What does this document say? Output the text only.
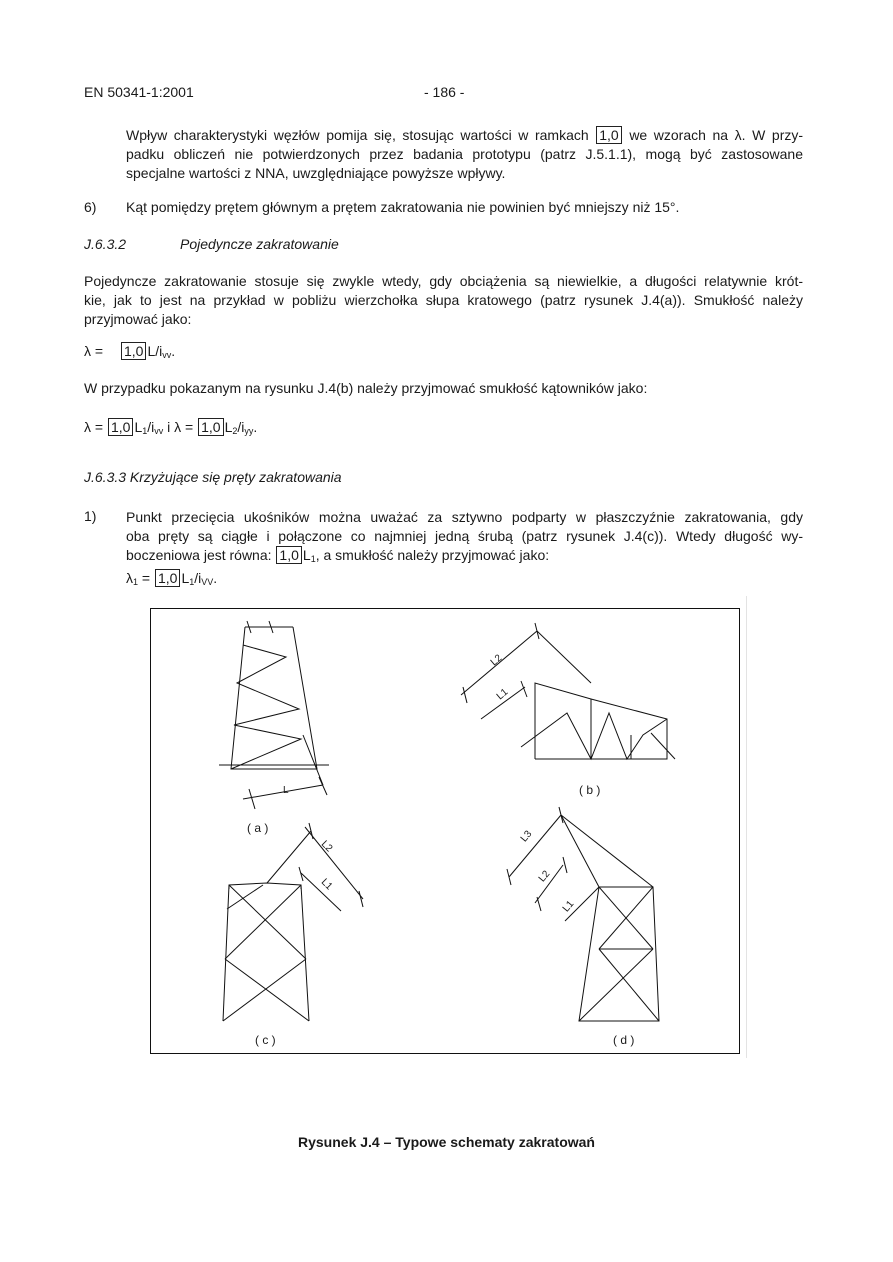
EN 50341-1:2001	- 186 -
Wpływ charakterystyki węzłów pomija się, stosując wartości w ramkach 1,0 we wzorach na λ. W przy-
padku obliczeń nie potwierdzonych przez badania prototypu (patrz J.5.1.1), mogą być zastosowane
specjalne wartości z NNA, uwzględniające powyższe wpływy.
6) Kąt pomiędzy prętem głównym a prętem zakratowania nie powinien być mniejszy niż 15°.
J.6.3.2	Pojedyncze zakratowanie
Pojedyncze zakratowanie stosuje się zwykle wtedy, gdy obciążenia są niewielkie, a długości relatywnie krót-
kie, jak to jest na przykład w pobliżu wierzchołka słupa kratowego (patrz rysunek J.4(a)). Smukłość należy
przyjmować jako:
λ = 1,0 $L/i_{vv}$.
W przypadku pokazanym na rysunku J.4(b) należy przyjmować smukłość kątowników jako:
λ = 1,0 $L_1/i_{vv}$ i λ = 1,0 $L_2/i_{yy}$.
J.6.3.3 Krzyżujące się pręty zakratowania
1) Punkt przecięcia ukośników można uważać za sztywno podparty w płaszczyźnie zakratowania, gdy
oba pręty są ciągłe i połączone co najmniej jedną śrubą (patrz rysunek J.4(c)). Wtedy długość wy-
boczeniowa jest równa: 1,0 $L_1$, a smukłość należy przyjmować jako:
$\lambda_1 = 1,0$ $L_1/i_{VV}$.
( a )
( b )
( c )	( d )
L
L2
L1
L2
L1
L3
L2
L1
Rysunek J.4 – Typowe schematy zakratowań
